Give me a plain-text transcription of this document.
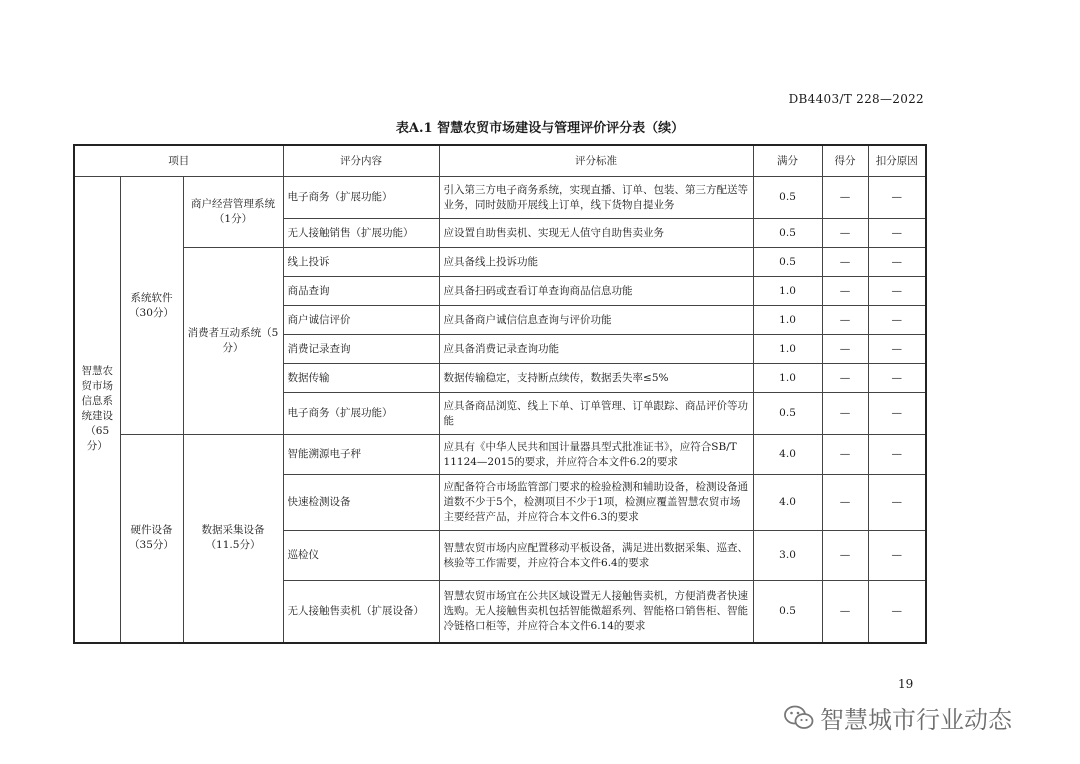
DB4403/T 228—2022
表A.1 智慧农贸市场建设与管理评价评分表（续）
项目			评分内容	评分标准	满分	得分	扣分原因
智慧农贸市场信息系统建设（65分）	系统软件（30分）	商户经营管理系统（1分）	电子商务（扩展功能）	引入第三方电子商务系统，实现直播、订单、包装、第三方配送等业务，同时鼓励开展线上订单，线下货物自提业务	0.5	—	—
			无人接触销售（扩展功能）	应设置自助售卖机、实现无人值守自助售卖业务	0.5	—	—
		消费者互动系统（5分）	线上投诉	应具备线上投诉功能	0.5	—	—
			商品查询	应具备扫码或查看订单查询商品信息功能	1.0	—	—
			商户诚信评价	应具备商户诚信信息查询与评价功能	1.0	—	—
			消费记录查询	应具备消费记录查询功能	1.0	—	—
			数据传输	数据传输稳定，支持断点续传，数据丢失率≤5%	1.0	—	—
			电子商务（扩展功能）	应具备商品浏览、线上下单、订单管理、订单跟踪、商品评价等功能	0.5	—	—
	硬件设备（35分）	数据采集设备（11.5分）	智能溯源电子秤	应具有《中华人民共和国计量器具型式批准证书》，应符合SB/T 11124—2015的要求，并应符合本文件6.2的要求	4.0	—	—
			快速检测设备	应配备符合市场监管部门要求的检验检测和辅助设备，检测设备通道数不少于5个，检测项目不少于1项，检测应覆盖智慧农贸市场主要经营产品，并应符合本文件6.3的要求	4.0	—	—
			巡检仪	智慧农贸市场内应配置移动平板设备，满足进出数据采集、巡查、核验等工作需要，并应符合本文件6.4的要求	3.0	—	—
			无人接触售卖机（扩展设备）	智慧农贸市场宜在公共区域设置无人接触售卖机，方便消费者快速选购。无人接触售卖机包括智能微超系列、智能格口销售柜、智能冷链格口柜等，并应符合本文件6.14的要求	0.5	—	—
19
智慧城市行业动态
